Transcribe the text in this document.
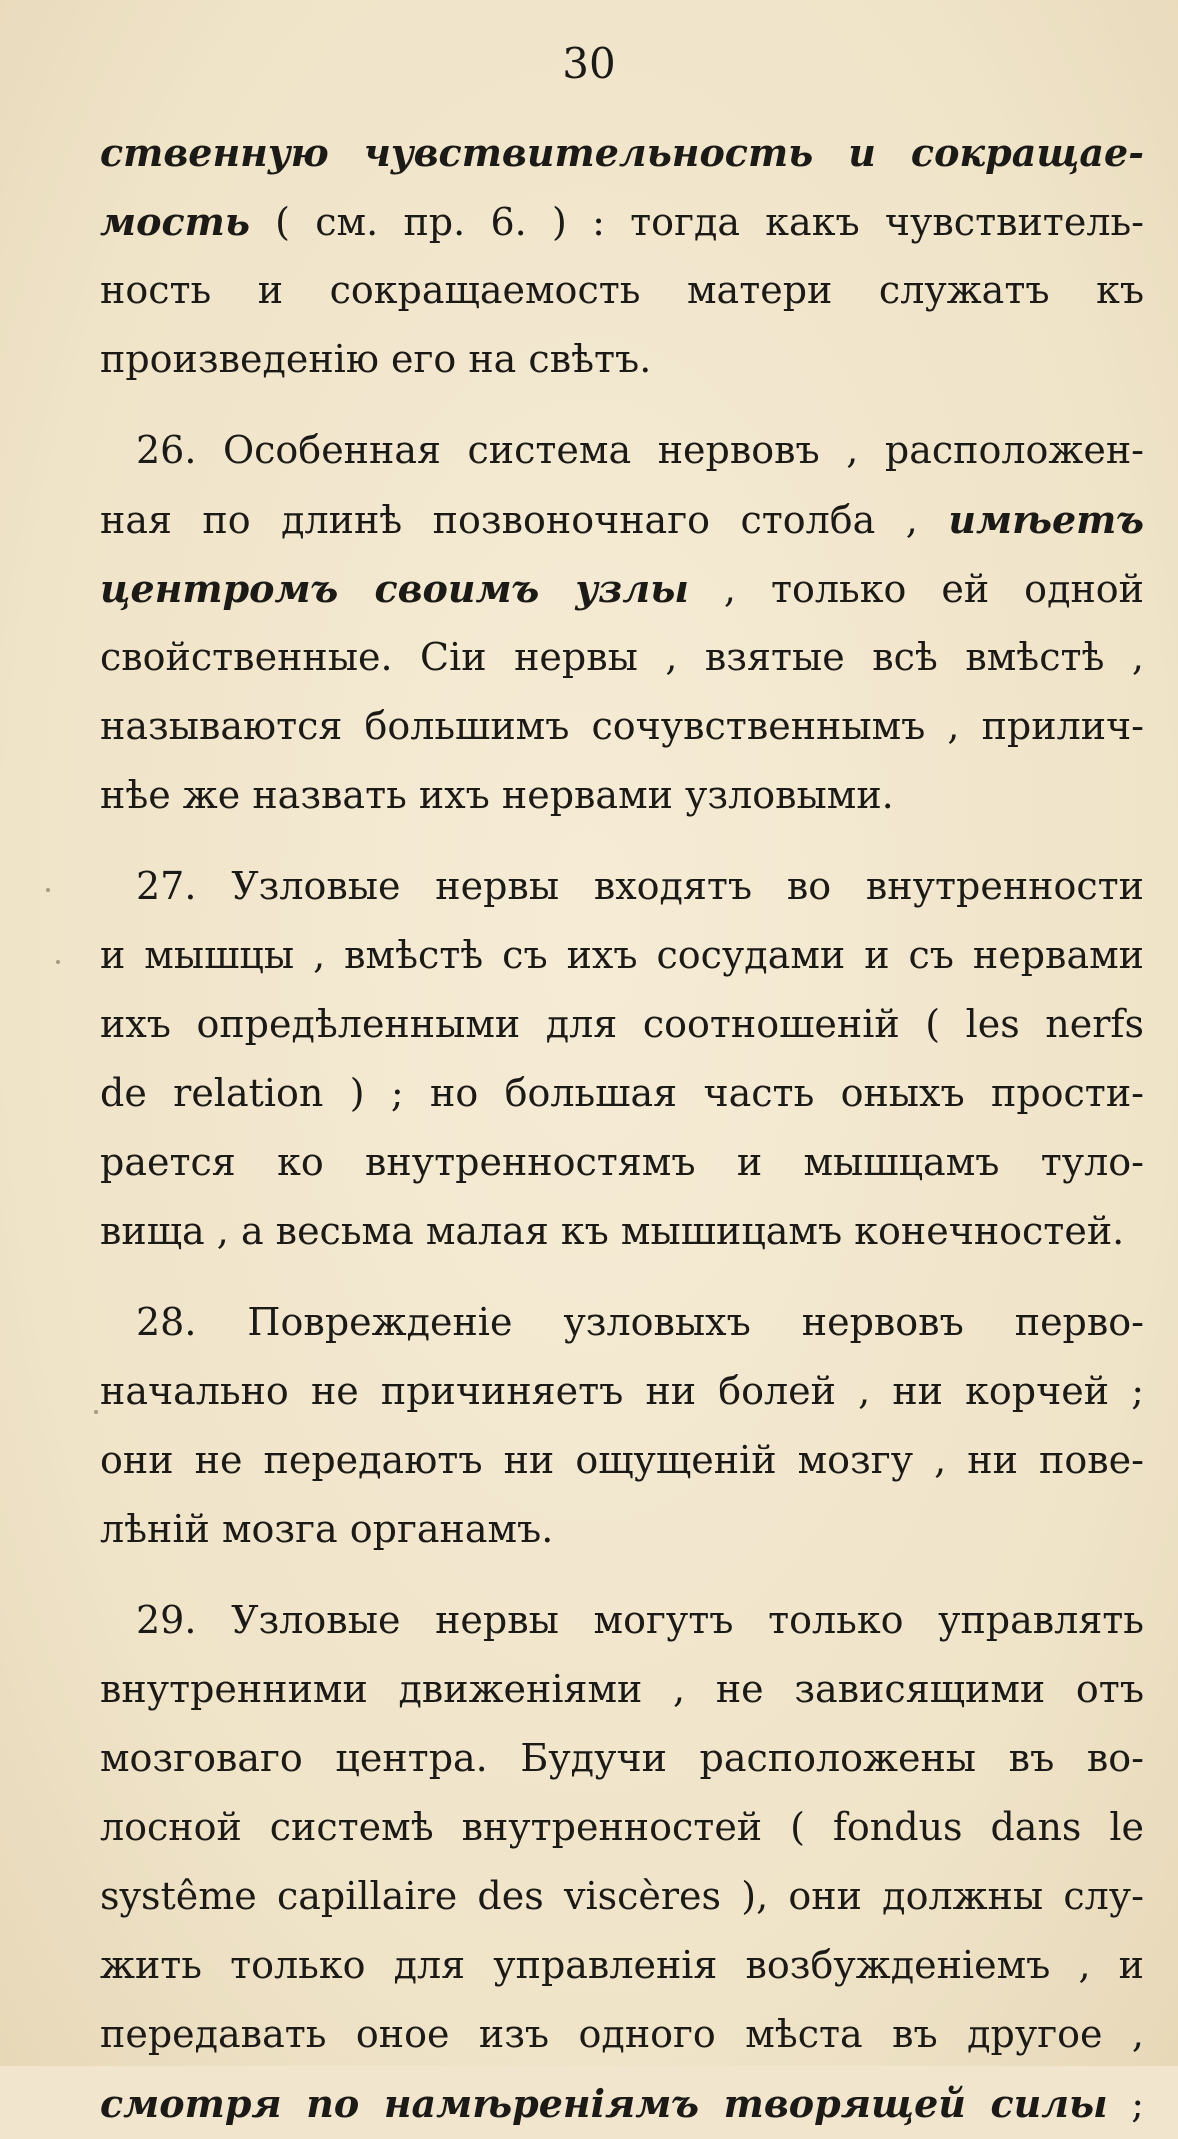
30
ственную чувствительность и сокращае-
мость ( см. пр. 6. ) : тогда какъ чувствитель-
ность и сокращаемость матери служатъ къ
произведенію его на свѣтъ.
26. Особенная система нервовъ , расположен-
ная по длинѣ позвоночнаго столба , имѣетъ
центромъ своимъ узлы , только ей одной
свойственные. Сіи нервы , взятые всѣ вмѣстѣ ,
называются большимъ сочувственнымъ , прилич-
нѣе же назвать ихъ нервами узловыми.
27. Узловые нервы входятъ во внутренности
и мышцы , вмѣстѣ съ ихъ сосудами и съ нервами
ихъ опредѣленными для соотношеній ( les nerfs
de relation ) ; но большая часть оныхъ прости-
рается ко внутренностямъ и мышцамъ туло-
вища , а весьма малая къ мышицамъ конечностей.
28. Поврежденіе узловыхъ нервовъ перво-
начально не причиняетъ ни болей , ни корчей ;
они не передаютъ ни ощущеній мозгу , ни пове-
лѣній мозга органамъ.
29. Узловые нервы могутъ только управлять
внутренними движеніями , не зависящими отъ
мозговаго центра. Будучи расположены въ во-
лосной системѣ внутренностей ( fondus dans le
systême capillaire des viscères ), они должны слу-
жить только для управленія возбужденіемъ , и
передавать оное изъ одного мѣста въ другое ,
смотря по намѣреніямъ творящей силы ;
